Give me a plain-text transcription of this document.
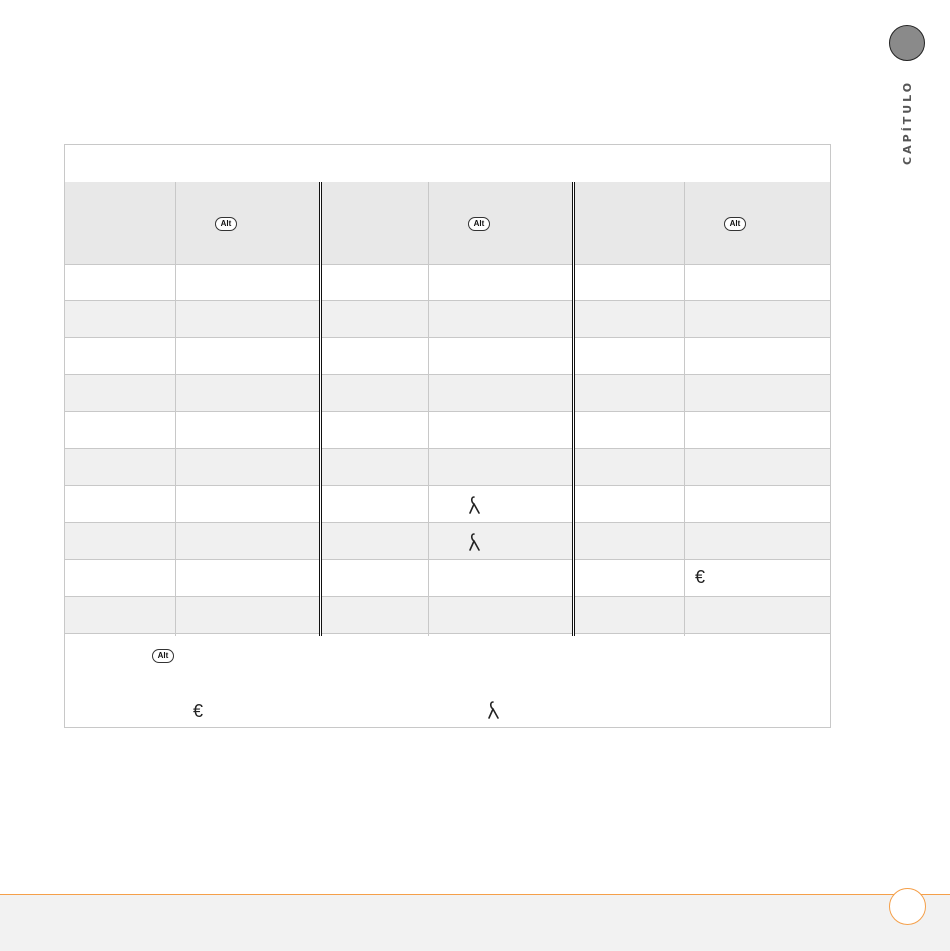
CAPÍTULO
Alt	Alt	Alt
€
Alt
€
